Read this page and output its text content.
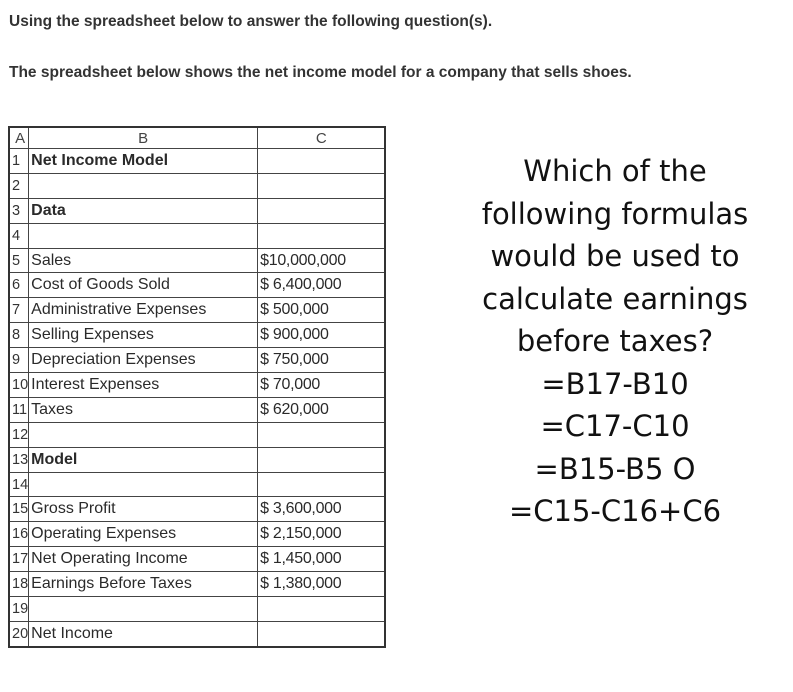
Using the spreadsheet below to answer the following question(s).
The spreadsheet below shows the net income model for a company that sells shoes.
A	B	C
1	Net Income Model	
2		
3	Data	
4		
5	Sales	$10,000,000
6	Cost of Goods Sold	$ 6,400,000
7	Administrative Expenses	$ 500,000
8	Selling Expenses	$ 900,000
9	Depreciation Expenses	$ 750,000
10	Interest Expenses	$ 70,000
11	Taxes	$ 620,000
12		
13	Model	
14		
15	Gross Profit	$ 3,600,000
16	Operating Expenses	$ 2,150,000
17	Net Operating Income	$ 1,450,000
18	Earnings Before Taxes	$ 1,380,000
19		
20	Net Income	
Which of the
following formulas
would be used to
calculate earnings
before taxes?
=B17-B10
=C17-C10
=B15-B5 O
=C15-C16+C6
